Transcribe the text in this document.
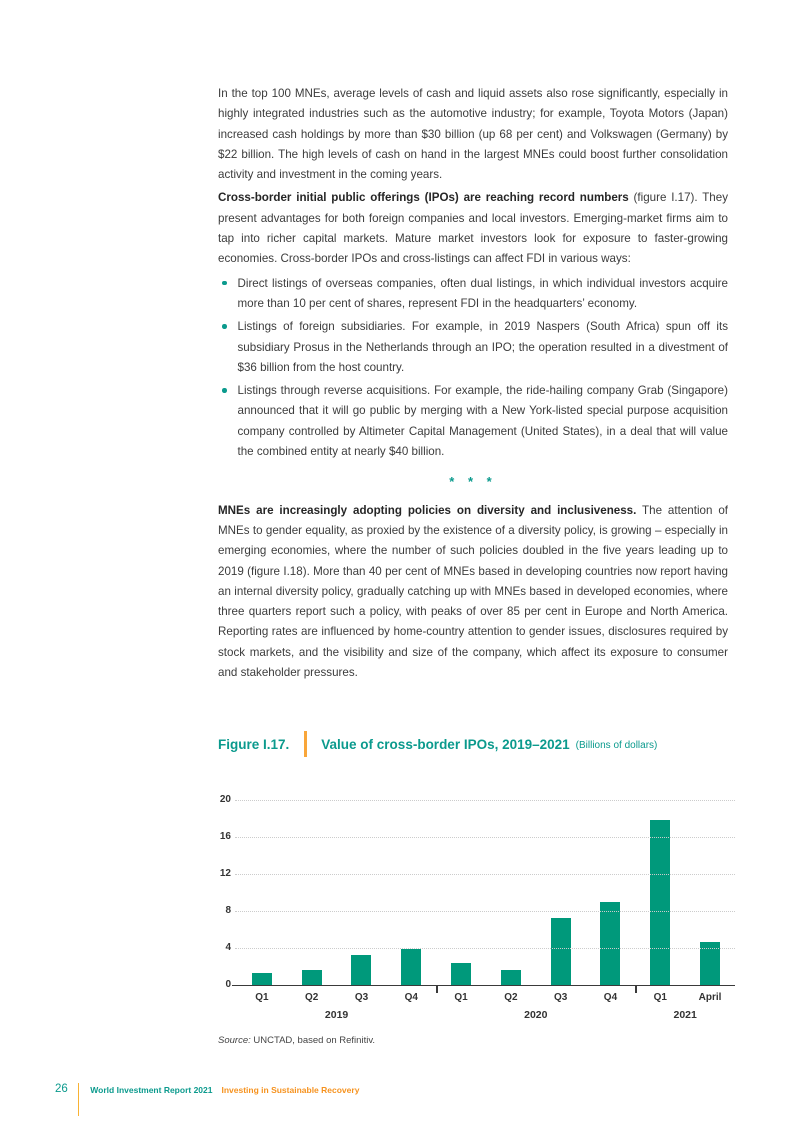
In the top 100 MNEs, average levels of cash and liquid assets also rose significantly, especially in highly integrated industries such as the automotive industry; for example, Toyota Motors (Japan) increased cash holdings by more than $30 billion (up 68 per cent) and Volkswagen (Germany) by $22 billion. The high levels of cash on hand in the largest MNEs could boost further consolidation activity and investment in the coming years.

Cross-border initial public offerings (IPOs) are reaching record numbers (figure I.17). They present advantages for both foreign companies and local investors. Emerging-market firms aim to tap into richer capital markets. Mature market investors look for exposure to faster-growing economies. Cross-border IPOs and cross-listings can affect FDI in various ways:

Direct listings of overseas companies, often dual listings, in which individual investors acquire more than 10 per cent of shares, represent FDI in the headquarters’ economy.
Listings of foreign subsidiaries. For example, in 2019 Naspers (South Africa) spun off its subsidiary Prosus in the Netherlands through an IPO; the operation resulted in a divestment of $36 billion from the host country.
Listings through reverse acquisitions. For example, the ride-hailing company Grab (Singapore) announced that it will go public by merging with a New York-listed special purpose acquisition company controlled by Altimeter Capital Management (United States), in a deal that will value the combined entity at nearly $40 billion.
* * *

MNEs are increasingly adopting policies on diversity and inclusiveness. The attention of MNEs to gender equality, as proxied by the existence of a diversity policy, is growing – especially in emerging economies, where the number of such policies doubled in the five years leading up to 2019 (figure I.18). More than 40 per cent of MNEs based in developing countries now report having an internal diversity policy, gradually catching up with MNEs based in developed economies, where three quarters report such a policy, with peaks of over 85 per cent in Europe and North America. Reporting rates are influenced by home-country attention to gender issues, disclosures required by stock markets, and the visibility and size of the company, which affect its exposure to consumer and stakeholder pressures.

Figure I.17. Value of cross-border IPOs, 2019–2021 (Billions of dollars)
0
4
8
12
16
20
Q1	Q2	Q3	Q4	Q1	Q2	Q3	Q4	Q1	April
2019	2020	2021

Source: UNCTAD, based on Refinitiv.

26	World Investment Report 2021 Investing in Sustainable Recovery
